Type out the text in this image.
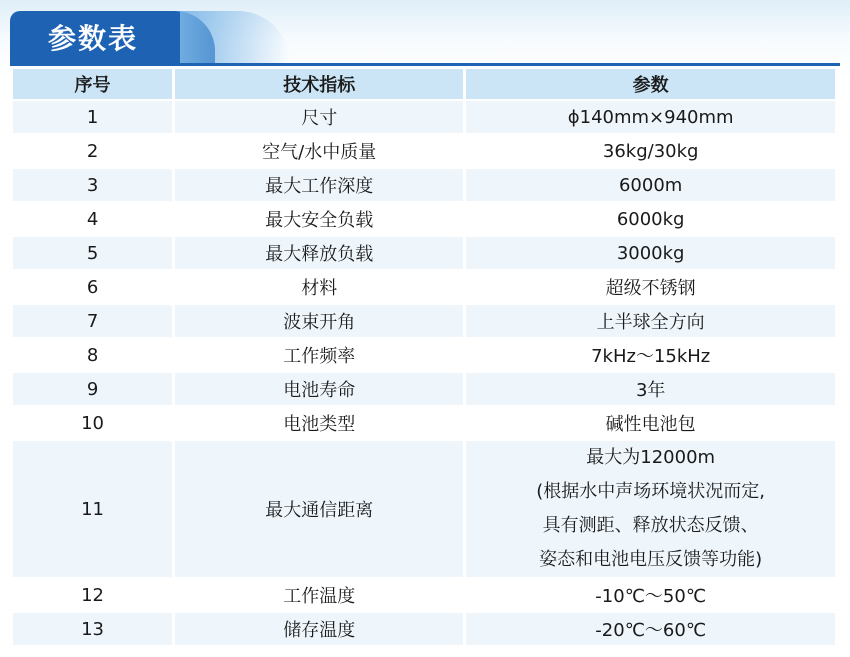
参数表
序号	技术指标	参数
1	尺寸	ϕ140mm×940mm
2	空气/水中质量	36kg/30kg
3	最大工作深度	6000m
4	最大安全负载	6000kg
5	最大释放负载	3000kg
6	材料	超级不锈钢
7	波束开角	上半球全方向
8	工作频率	7kHz～15kHz
9	电池寿命	3年
10	电池类型	碱性电池包
11	最大通信距离	最大为12000m
(根据水中声场环境状况而定,
具有测距、释放状态反馈、
姿态和电池电压反馈等功能)

12	工作温度	-10℃～50℃
13	储存温度	-20℃～60℃
